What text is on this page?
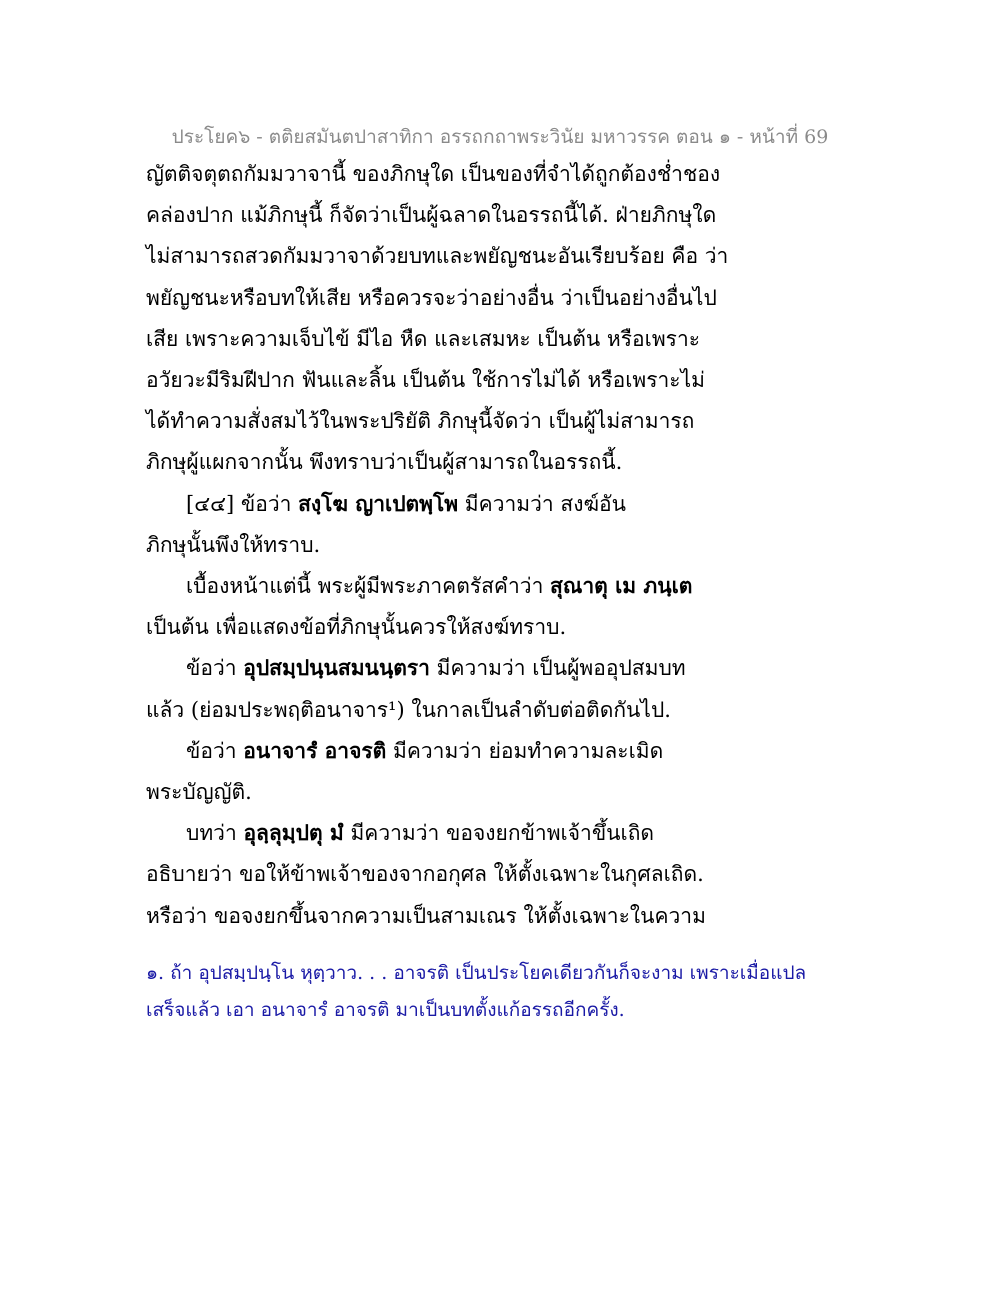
ประโยค๖ - ตติยสมันตปาสาทิกา อรรถกถาพระวินัย มหาวรรค ตอน ๑ - หน้าที่ 69
ญัตติจตุตถกัมมวาจานี้ ของภิกษุใด เป็นของที่จำได้ถูกต้องช่ำชอง
คล่องปาก แม้ภิกษุนี้ ก็จัดว่าเป็นผู้ฉลาดในอรรถนี้ได้. ฝ่ายภิกษุใด
ไม่สามารถสวดกัมมวาจาด้วยบทและพยัญชนะอันเรียบร้อย คือ ว่า
พยัญชนะหรือบทให้เสีย หรือควรจะว่าอย่างอื่น ว่าเป็นอย่างอื่นไป
เสีย เพราะความเจ็บไข้ มีไอ หืด และเสมหะ เป็นต้น หรือเพราะ
อวัยวะมีริมฝีปาก ฟันและลิ้น เป็นต้น ใช้การไม่ได้ หรือเพราะไม่
ได้ทำความสั่งสมไว้ในพระปริยัติ ภิกษุนี้จัดว่า เป็นผู้ไม่สามารถ
ภิกษุผู้แผกจากนั้น พึงทราบว่าเป็นผู้สามารถในอรรถนี้.
[๔๔] ข้อว่า สงฺโฆ ญาเปตพฺโพ มีความว่า สงฆ์อัน
ภิกษุนั้นพึงให้ทราบ.
เบื้องหน้าแต่นี้ พระผู้มีพระภาคตรัสคำว่า สุณาตุ เม ภนฺเต
เป็นต้น เพื่อแสดงข้อที่ภิกษุนั้นควรให้สงฆ์ทราบ.
ข้อว่า อุปสมฺปนฺนสมนนฺตรา มีความว่า เป็นผู้พออุปสมบท
แล้ว (ย่อมประพฤติอนาจาร¹) ในกาลเป็นลำดับต่อติดกันไป.
ข้อว่า อนาจารํ อาจรติ มีความว่า ย่อมทำความละเมิด
พระบัญญัติ.
บทว่า อุลฺลุมฺปตุ มํ มีความว่า ขอจงยกข้าพเจ้าขึ้นเถิด
อธิบายว่า ขอให้ข้าพเจ้าของจากอกุศล ให้ตั้งเฉพาะในกุศลเถิด.
หรือว่า ขอจงยกขึ้นจากความเป็นสามเณร ให้ตั้งเฉพาะในความ
๑. ถ้า อุปสมฺปนฺโน หุตฺวาว. . . อาจรติ เป็นประโยคเดียวกันก็จะงาม เพราะเมื่อแปล
เสร็จแล้ว เอา อนาจารํ อาจรติ มาเป็นบทตั้งแก้อรรถอีกครั้ง.
